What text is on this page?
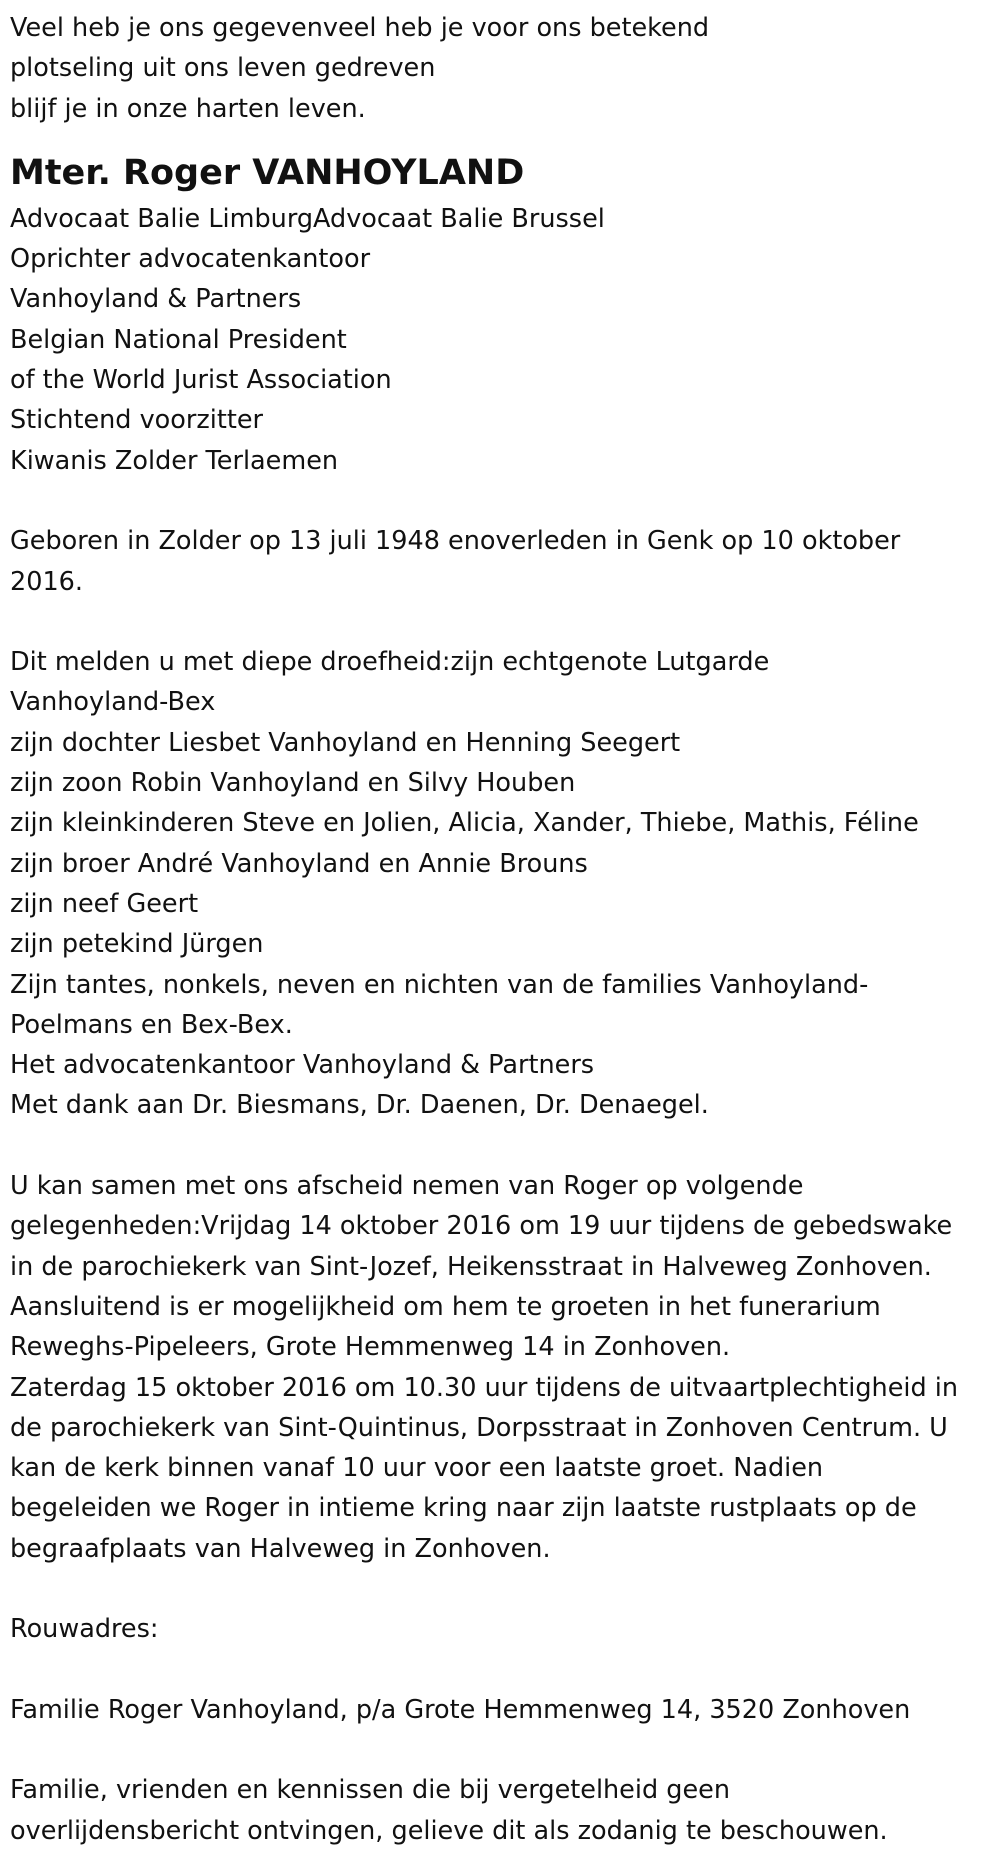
Veel heb je ons gegevenveel heb je voor ons betekend
plotseling uit ons leven gedreven
blijf je in onze harten leven.
Mter. Roger VANHOYLAND
Advocaat Balie LimburgAdvocaat Balie Brussel
Oprichter advocatenkantoor
Vanhoyland & Partners
Belgian National President
of the World Jurist Association
Stichtend voorzitter
Kiwanis Zolder Terlaemen
Geboren in Zolder op 13 juli 1948 enoverleden in Genk op 10 oktober
2016.
Dit melden u met diepe droefheid:zijn echtgenote Lutgarde
Vanhoyland-Bex
zijn dochter Liesbet Vanhoyland en Henning Seegert
zijn zoon Robin Vanhoyland en Silvy Houben
zijn kleinkinderen Steve en Jolien, Alicia, Xander, Thiebe, Mathis, Féline
zijn broer André Vanhoyland en Annie Brouns
zijn neef Geert
zijn petekind Jürgen
Zijn tantes, nonkels, neven en nichten van de families Vanhoyland-
Poelmans en Bex-Bex.
Het advocatenkantoor Vanhoyland & Partners
Met dank aan Dr. Biesmans, Dr. Daenen, Dr. Denaegel.
U kan samen met ons afscheid nemen van Roger op volgende
gelegenheden:Vrijdag 14 oktober 2016 om 19 uur tijdens de gebedswake
in de parochiekerk van Sint-Jozef, Heikensstraat in Halveweg Zonhoven.
Aansluitend is er mogelijkheid om hem te groeten in het funerarium
Reweghs-Pipeleers, Grote Hemmenweg 14 in Zonhoven.
Zaterdag 15 oktober 2016 om 10.30 uur tijdens de uitvaartplechtigheid in
de parochiekerk van Sint-Quintinus, Dorpsstraat in Zonhoven Centrum. U
kan de kerk binnen vanaf 10 uur voor een laatste groet. Nadien
begeleiden we Roger in intieme kring naar zijn laatste rustplaats op de
begraafplaats van Halveweg in Zonhoven.
Rouwadres:
Familie Roger Vanhoyland, p/a Grote Hemmenweg 14, 3520 Zonhoven
Familie, vrienden en kennissen die bij vergetelheid geen
overlijdensbericht ontvingen, gelieve dit als zodanig te beschouwen.
